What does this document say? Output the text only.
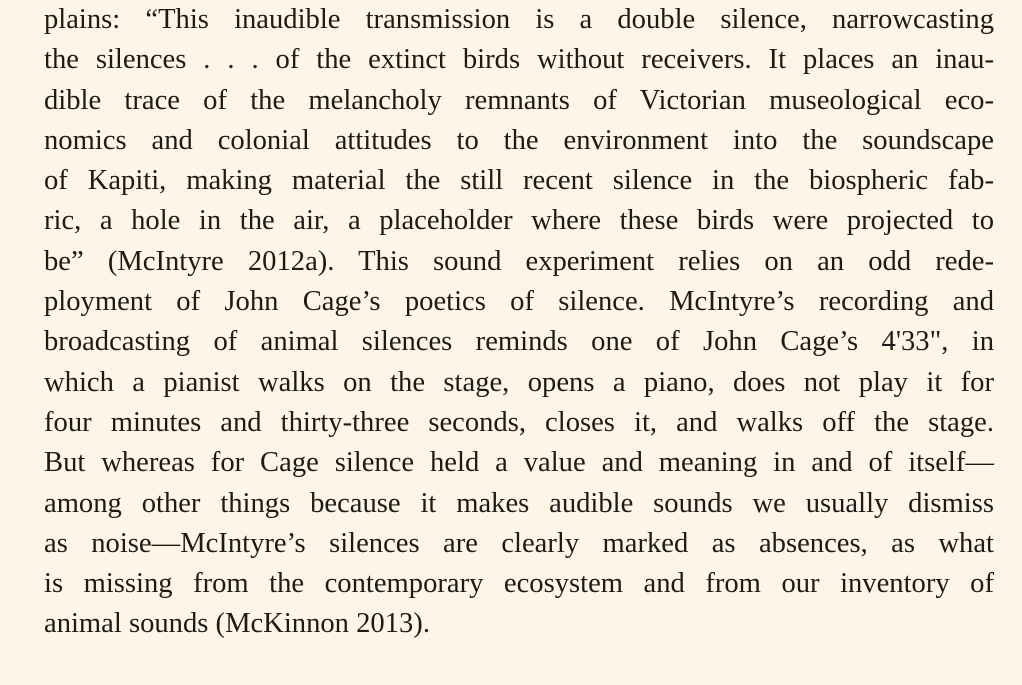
plains: “This inaudible transmission is a double silence, narrowcasting
the silences . . . of the extinct birds without receivers. It places an inau-
dible trace of the melancholy remnants of Victorian museological eco-
nomics and colonial attitudes to the environment into the soundscape
of Kapiti, making material the still recent silence in the biospheric fab-
ric, a hole in the air, a placeholder where these birds were projected to
be” (McIntyre 2012a). This sound experiment relies on an odd rede-
ployment of John Cage’s poetics of silence. McIntyre’s recording and
broadcasting of animal silences reminds one of John Cage’s 4'33", in
which a pianist walks on the stage, opens a piano, does not play it for
four minutes and thirty-three seconds, closes it, and walks off the stage.
But whereas for Cage silence held a value and meaning in and of itself—
among other things because it makes audible sounds we usually dismiss
as noise—McIntyre’s silences are clearly marked as absences, as what
is missing from the contemporary ecosystem and from our inventory of
animal sounds (McKinnon 2013).
